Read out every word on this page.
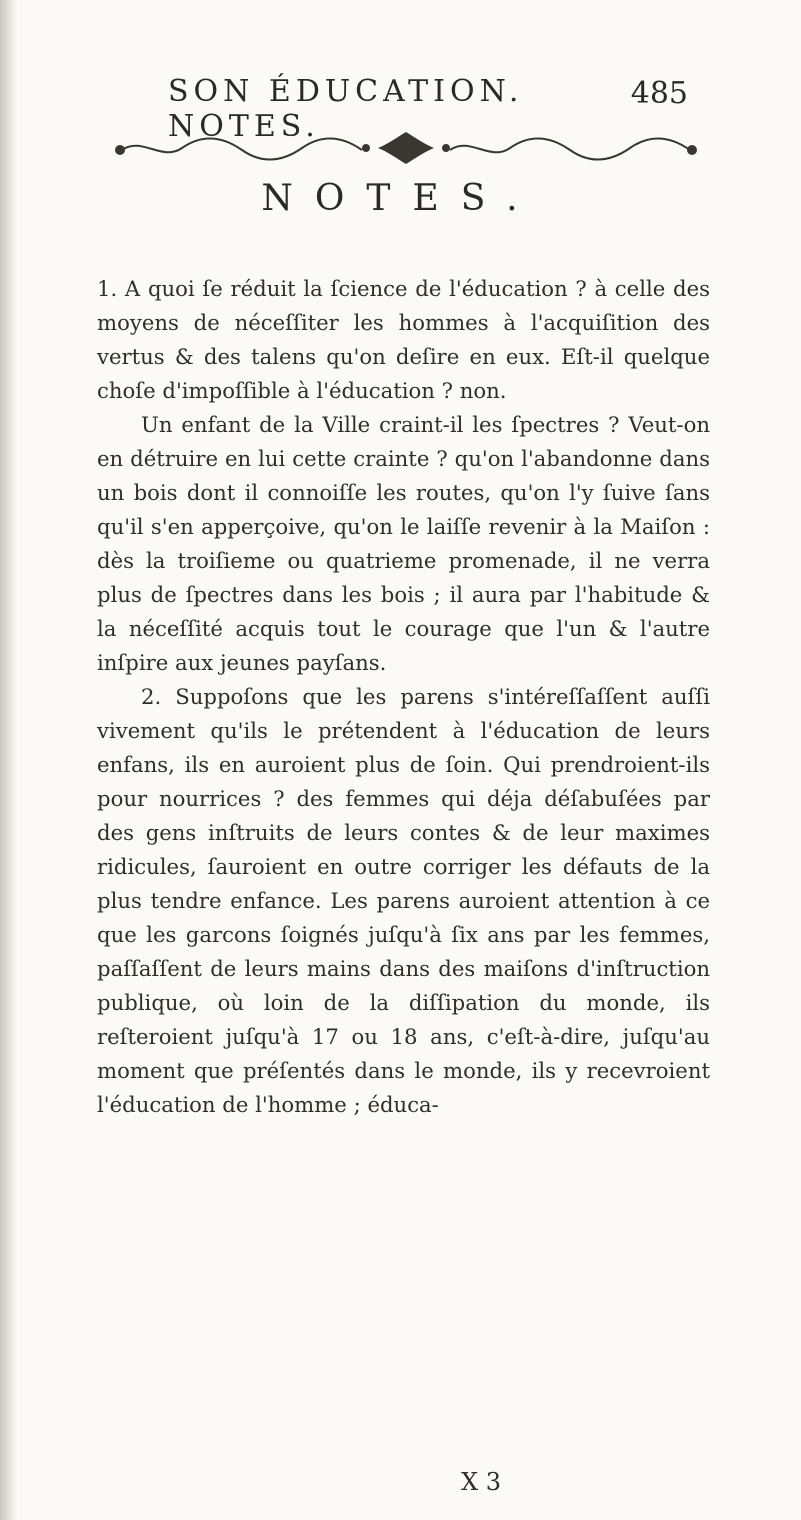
SON ÉDUCATION. NOTES.
485
NOTES.

1. A quoi ſe réduit la ſcience de l'éducation ? à celle des moyens de néceſſiter les hommes à l'acquiſition des vertus & des talens qu'on deſire en eux. Eſt-il quelque choſe d'impoſſible à l'éducation ? non.

Un enfant de la Ville craint-il les ſpectres ? Veut-on en détruire en lui cette crainte ? qu'on l'abandonne dans un bois dont il connoiſſe les routes, qu'on l'y ſuive ſans qu'il s'en apperçoive, qu'on le laiſſe revenir à la Maiſon : dès la troiſieme ou quatrieme promenade, il ne verra plus de ſpectres dans les bois ; il aura par l'habitude & la néceſſité acquis tout le courage que l'un & l'autre inſpire aux jeunes payſans.

2. Suppoſons que les parens s'intéreſſaſſent auſſi vivement qu'ils le prétendent à l'éducation de leurs enfans, ils en auroient plus de ſoin. Qui prendroient-ils pour nourrices ? des femmes qui déja déſabuſées par des gens inſtruits de leurs contes & de leur maximes ridicules, ſauroient en outre corriger les défauts de la plus tendre enfance. Les parens auroient attention à ce que les garcons ſoignés juſqu'à ſix ans par les femmes, paſſaſſent de leurs mains dans des maiſons d'inſtruction publique, où loin de la diſſipation du monde, ils reſteroient juſqu'à 17 ou 18 ans, c'eſt-à-dire, juſqu'au moment que préſentés dans le monde, ils y recevroient l'éducation de l'homme ; éduca-

X 3
